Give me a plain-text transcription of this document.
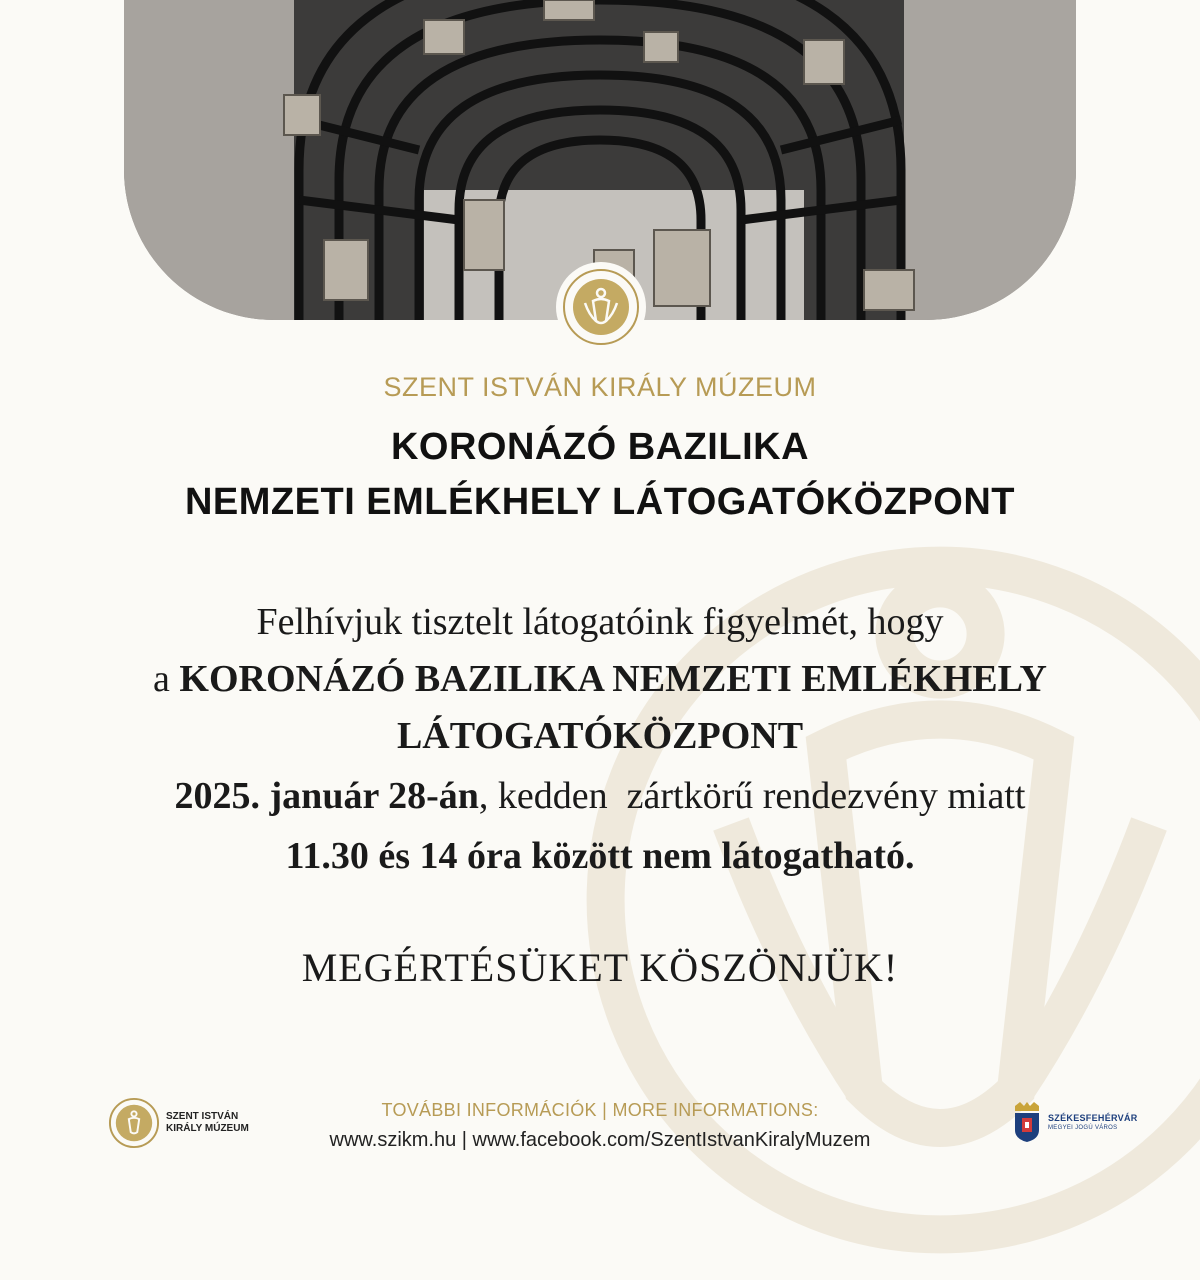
SZENT ISTVÁN KIRÁLY MÚZEUM
KORONÁZÓ BAZILIKA
NEMZETI EMLÉKHELY LÁTOGATÓKÖZPONT
Felhívjuk tisztelt látogatóink figyelmét, hogy
a KORONÁZÓ BAZILIKA NEMZETI EMLÉKHELY
LÁTOGATÓKÖZPONT
2025. január 28-án, kedden  zártkörű rendezvény miatt
11.30 és 14 óra között nem látogatható.
MEGÉRTÉSÜKET KÖSZÖNJÜK!
SZENT ISTVÁN
KIRÁLY MÚZEUM
TOVÁBBI INFORMÁCIÓK | MORE INFORMATIONS:
www.szikm.hu | www.facebook.com/SzentIstvanKiralyMuzem
SZÉKESFEHÉRVÁR
MEGYEI JOGÚ VÁROS
